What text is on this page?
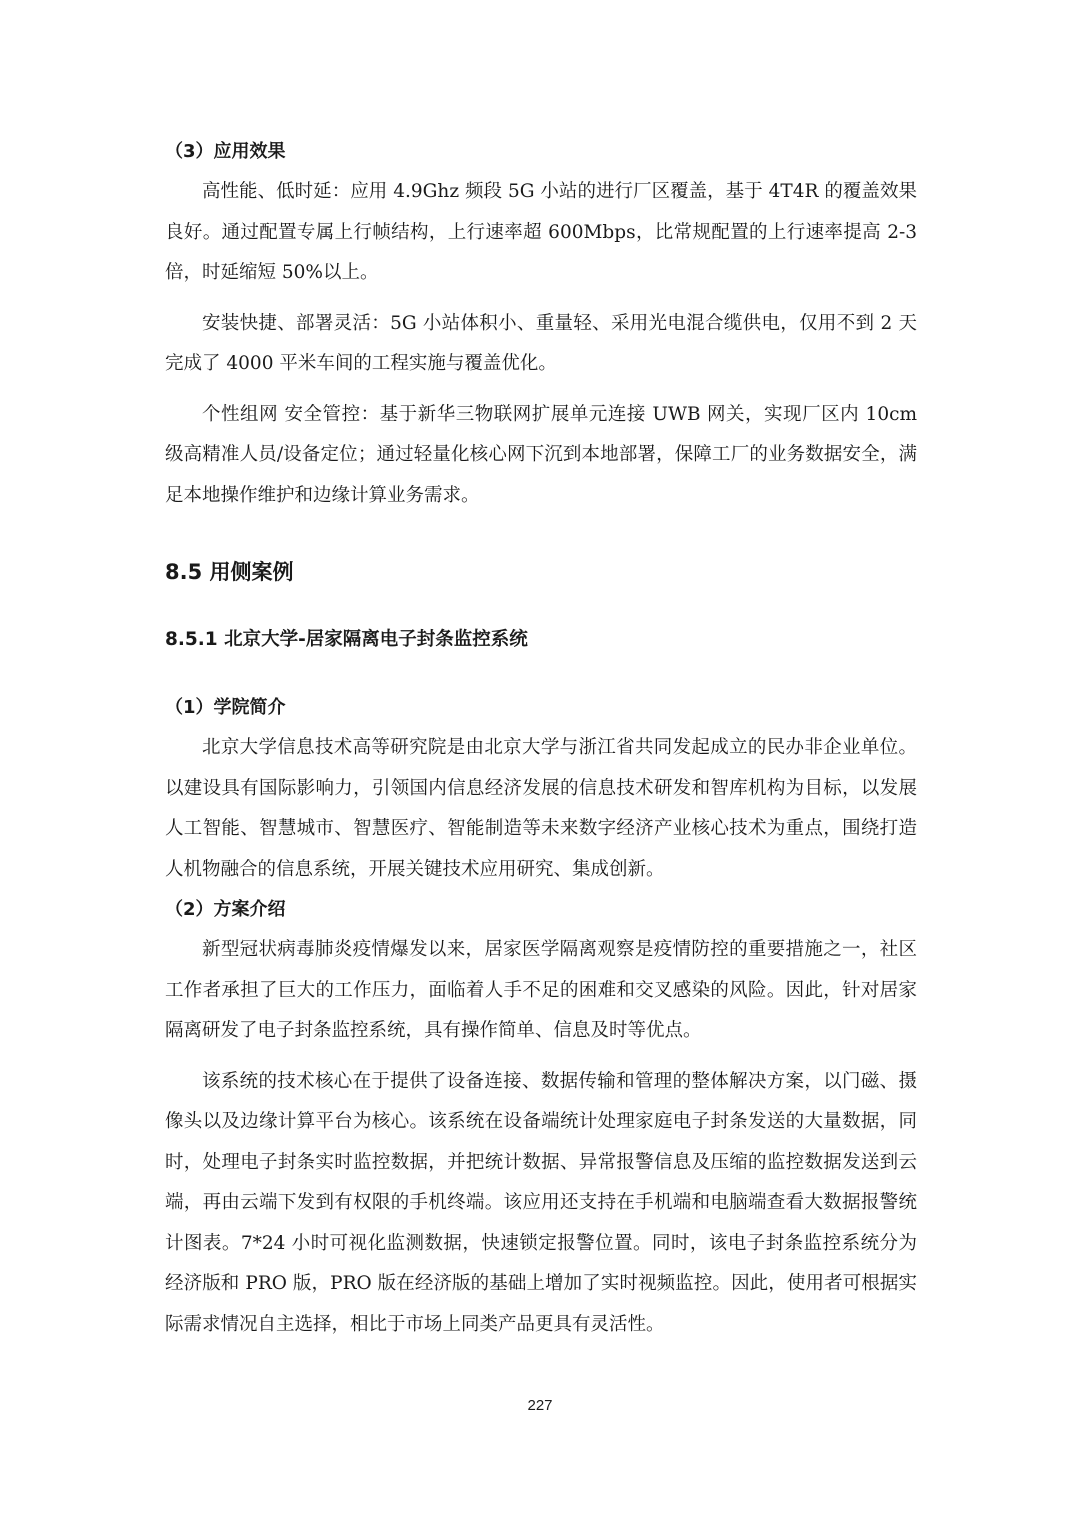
（3）应用效果

高性能、低时延：应用 4.9Ghz 频段 5G 小站的进行厂区覆盖，基于 4T4R 的覆盖效果良好。通过配置专属上行帧结构，上行速率超 600Mbps，比常规配置的上行速率提高 2-3 倍，时延缩短 50%以上。

安装快捷、部署灵活：5G 小站体积小、重量轻、采用光电混合缆供电，仅用不到 2 天完成了 4000 平米车间的工程实施与覆盖优化。

个性组网 安全管控：基于新华三物联网扩展单元连接 UWB 网关，实现厂区内 10cm 级高精准人员/设备定位；通过轻量化核心网下沉到本地部署，保障工厂的业务数据安全，满足本地操作维护和边缘计算业务需求。

8.5 用侧案例

8.5.1 北京大学-居家隔离电子封条监控系统

（1）学院简介

北京大学信息技术高等研究院是由北京大学与浙江省共同发起成立的民办非企业单位。以建设具有国际影响力，引领国内信息经济发展的信息技术研发和智库机构为目标，以发展人工智能、智慧城市、智慧医疗、智能制造等未来数字经济产业核心技术为重点，围绕打造人机物融合的信息系统，开展关键技术应用研究、集成创新。

（2）方案介绍

新型冠状病毒肺炎疫情爆发以来，居家医学隔离观察是疫情防控的重要措施之一，社区工作者承担了巨大的工作压力，面临着人手不足的困难和交叉感染的风险。因此，针对居家隔离研发了电子封条监控系统，具有操作简单、信息及时等优点。

该系统的技术核心在于提供了设备连接、数据传输和管理的整体解决方案，以门磁、摄像头以及边缘计算平台为核心。该系统在设备端统计处理家庭电子封条发送的大量数据，同时，处理电子封条实时监控数据，并把统计数据、异常报警信息及压缩的监控数据发送到云端，再由云端下发到有权限的手机终端。该应用还支持在手机端和电脑端查看大数据报警统计图表。7*24 小时可视化监测数据，快速锁定报警位置。同时，该电子封条监控系统分为经济版和 PRO 版，PRO 版在经济版的基础上增加了实时视频监控。因此，使用者可根据实际需求情况自主选择，相比于市场上同类产品更具有灵活性。

227
